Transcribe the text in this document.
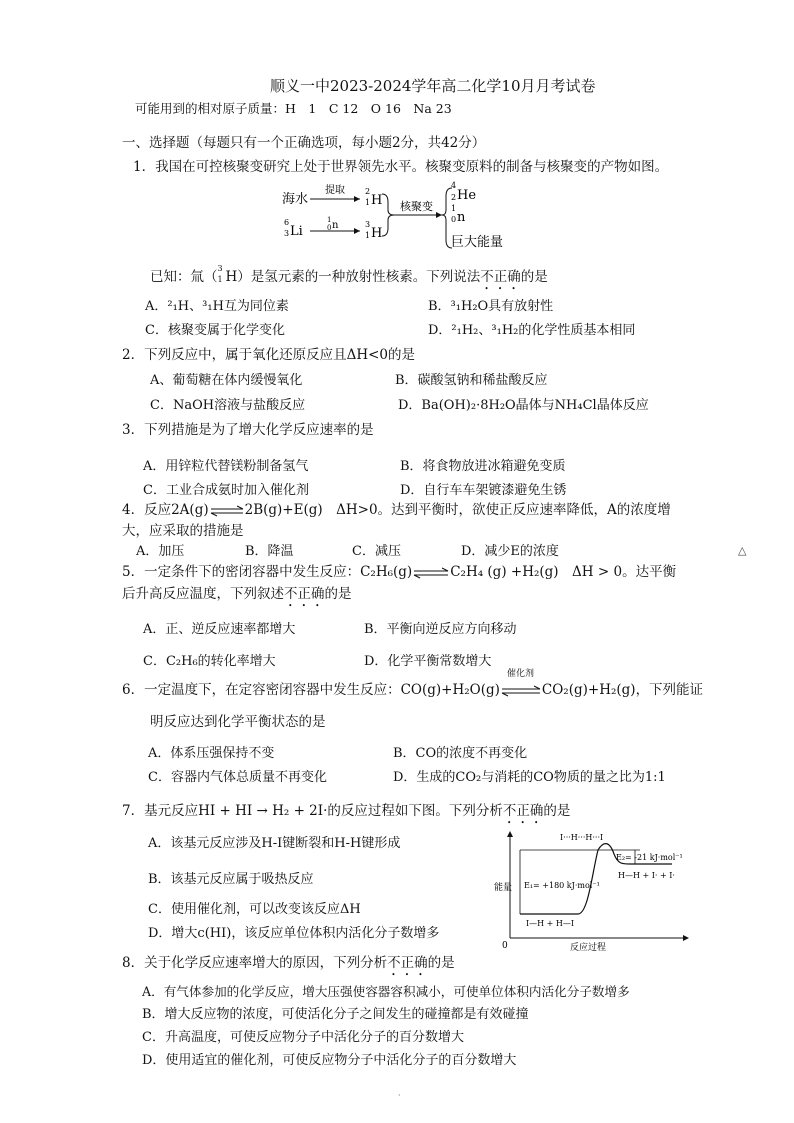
顺义一中2023-2024学年高二化学10月月考试卷
可能用到的相对原子质量：H　1　C 12　O 16　Na 23
一、选择题（每题只有一个正确选项，每小题2分，共42分）
1．我国在可控核聚变研究上处于世界领先水平。核聚变原料的制备与核聚变的产物如图。
海水
提取	2
1 H
6
3 Li
1
0 n	3
1 H
核聚变
4
2 He
1
0 n
巨大能量
已知：氚（
3
1 H）是氢元素的一种放射性核素。下列说法不正确的是
A．²₁H、³₁H互为同位素	B．³₁H₂O具有放射性
C．核聚变属于化学变化	D．²₁H₂、³₁H₂的化学性质基本相同
2．下列反应中，属于氧化还原反应且ΔH<0的是
A、葡萄糖在体内缓慢氧化	B．碳酸氢钠和稀盐酸反应
C．NaOH溶液与盐酸反应	D．Ba(OH)₂·8H₂O晶体与NH₄Cl晶体反应
3．下列措施是为了增大化学反应速率的是
A．用锌粒代替镁粉制备氢气	B．将食物放进冰箱避免变质
C．工业合成氨时加入催化剂	D．自行车车架镀漆避免生锈
4．反应2A(g)	2B(g)+E(g)　ΔH>0。达到平衡时，欲使正反应速率降低，A的浓度增
大，应采取的措施是
A．加压	B．降温	C．减压	D．减少E的浓度	△
5．一定条件下的密闭容器中发生反应：C₂H₆(g)	C₂H₄ (g) +H₂(g)　ΔH > 0。达平衡
后升高反应温度，下列叙述不正确的是
A．正、逆反应速率都增大	B．平衡向逆反应方向移动
C．C₂H₆的转化率增大	D．化学平衡常数增大
催化剂
6．一定温度下，在定容密闭容器中发生反应：CO(g)+H₂O(g)	CO₂(g)+H₂(g)，下列能证
明反应达到化学平衡状态的是
A．体系压强保持不变	B．CO的浓度不再变化
C．容器内气体总质量不再变化	D．生成的CO₂与消耗的CO物质的量之比为1:1
7．基元反应HI + HI → H₂ + 2I·的反应过程如下图。下列分析不正确的是
A．该基元反应涉及H-I键断裂和H-H键形成
B．该基元反应属于吸热反应
C．使用催化剂，可以改变该反应ΔH
D．增大c(HI)，该反应单位体积内活化分子数增多
能量
0	反应过程
I···H···H···I
E₁= +180 kJ·mol⁻¹
E₂= -21 kJ·mol⁻¹
I—H + H—I
H—H + I· + I·
8．关于化学反应速率增大的原因，下列分析不正确的是
A．有气体参加的化学反应，增大压强使容器容积减小，可使单位体积内活化分子数增多
B．增大反应物的浓度，可使活化分子之间发生的碰撞都是有效碰撞
C．升高温度，可使反应物分子中活化分子的百分数增大
D．使用适宜的催化剂，可使反应物分子中活化分子的百分数增大
·
